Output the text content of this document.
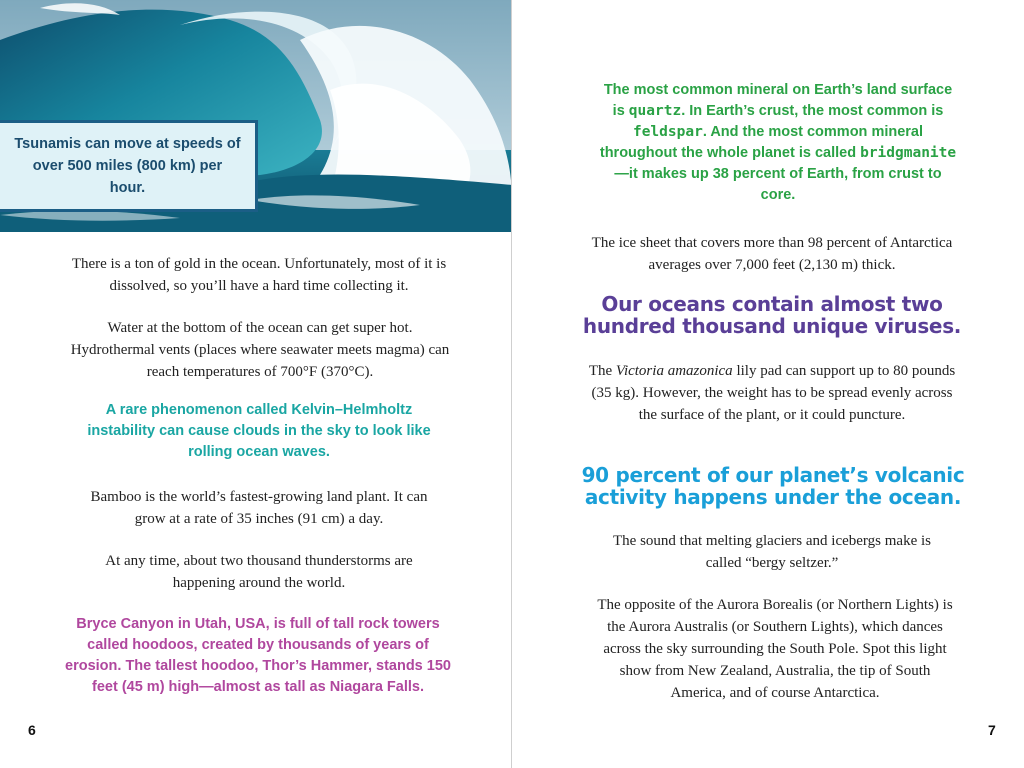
Tsunamis can move at speeds of over 500 miles (800 km) per hour.
There is a ton of gold in the ocean. Unfortunately, most of it is dissolved, so you’ll have a hard time collecting it.
Water at the bottom of the ocean can get super hot. Hydrothermal vents (places where seawater meets magma) can reach temperatures of 700°F (370°C).
A rare phenomenon called Kelvin–Helmholtz instability can cause clouds in the sky to look like rolling ocean waves.
Bamboo is the world’s fastest-growing land plant. It can grow at a rate of 35 inches (91 cm) a day.
At any time, about two thousand thunderstorms are happening around the world.
Bryce Canyon in Utah, USA, is full of tall rock towers called hoodoos, created by thousands of years of erosion. The tallest hoodoo, Thor’s Hammer, stands 150 feet (45 m) high—almost as tall as Niagara Falls.
6
The most common mineral on Earth’s land surface is quartz. In Earth’s crust, the most common is feldspar. And the most common mineral throughout the whole planet is called bridgmanite—it makes up 38 percent of Earth, from crust to core.
The ice sheet that covers more than 98 percent of Antarctica averages over 7,000 feet (2,130 m) thick.
Our oceans contain almost two hundred thousand unique viruses.
The Victoria amazonica lily pad can support up to 80 pounds (35 kg). However, the weight has to be spread evenly across the surface of the plant, or it could puncture.
90 percent of our planet’s volcanic activity happens under the ocean.
The sound that melting glaciers and icebergs make is called “bergy seltzer.”
The opposite of the Aurora Borealis (or Northern Lights) is the Aurora Australis (or Southern Lights), which dances across the sky surrounding the South Pole. Spot this light show from New Zealand, Australia, the tip of South America, and of course Antarctica.
7
